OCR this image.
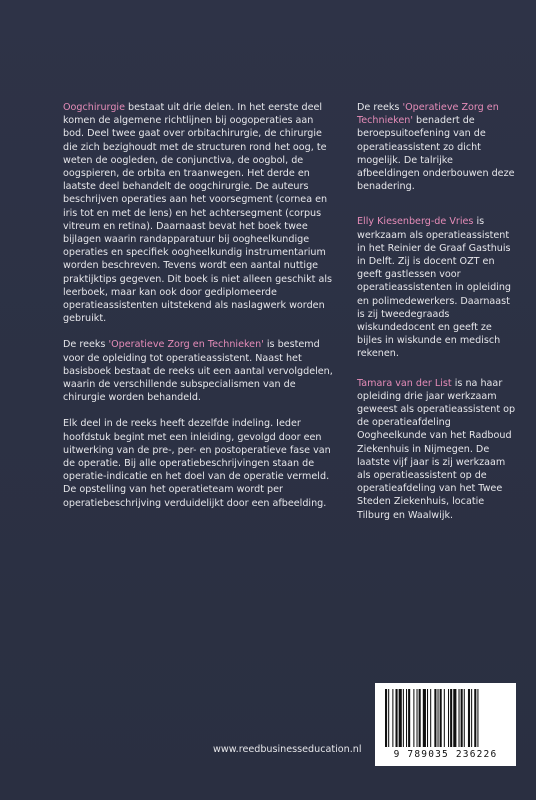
Oogchirurgie bestaat uit drie delen. In het eerste deel komen de algemene richtlijnen bij oogoperaties aan bod. Deel twee gaat over orbitachirurgie, de chirurgie die zich bezighoudt met de structuren rond het oog, te weten de oogleden, de conjunctiva, de oogbol, de oogspieren, de orbita en traanwegen. Het derde en laatste deel behandelt de oogchirurgie. De auteurs beschrijven operaties aan het voorsegment (cornea en iris tot en met de lens) en het achtersegment (corpus vitreum en retina). Daarnaast bevat het boek twee bijlagen waarin randapparatuur bij oogheelkundige operaties en specifiek oogheelkundig instrumentarium worden beschreven. Tevens wordt een aantal nuttige praktijktips gegeven. Dit boek is niet alleen geschikt als leerboek, maar kan ook door gediplomeerde operatieassistenten uitstekend als naslagwerk worden gebruikt.

De reeks 'Operatieve Zorg en Technieken' is bestemd voor de opleiding tot operatieassistent. Naast het basisboek bestaat de reeks uit een aantal vervolgdelen, waarin de verschillende subspecialismen van de chirurgie worden behandeld.

Elk deel in de reeks heeft dezelfde indeling. Ieder hoofdstuk begint met een inleiding, gevolgd door een uitwerking van de pre-, per- en postoperatieve fase van de operatie. Bij alle operatiebeschrijvingen staan de operatie-indicatie en het doel van de operatie vermeld. De opstelling van het operatieteam wordt per operatiebeschrijving verduidelijkt door een afbeelding.

De reeks 'Operatieve Zorg en Technieken' benadert de beroepsuitoefening van de operatieassistent zo dicht mogelijk. De talrijke afbeeldingen onderbouwen deze benadering.

Elly Kiesenberg-de Vries is werkzaam als operatieassistent in het Reinier de Graaf Gasthuis in Delft. Zij is docent OZT en geeft gastlessen voor operatieassistenten in opleiding en polimedewerkers. Daarnaast is zij tweedegraads wiskundedocent en geeft ze bijles in wiskunde en medisch rekenen.

Tamara van der List is na haar opleiding drie jaar werkzaam geweest als operatieassistent op de operatieafdeling Oogheelkunde van het Radboud Ziekenhuis in Nijmegen. De laatste vijf jaar is zij werkzaam als operatieassistent op de operatieafdeling van het Twee Steden Ziekenhuis, locatie Tilburg en Waalwijk.

9 789035 236226
www.reedbusinesseducation.nl
